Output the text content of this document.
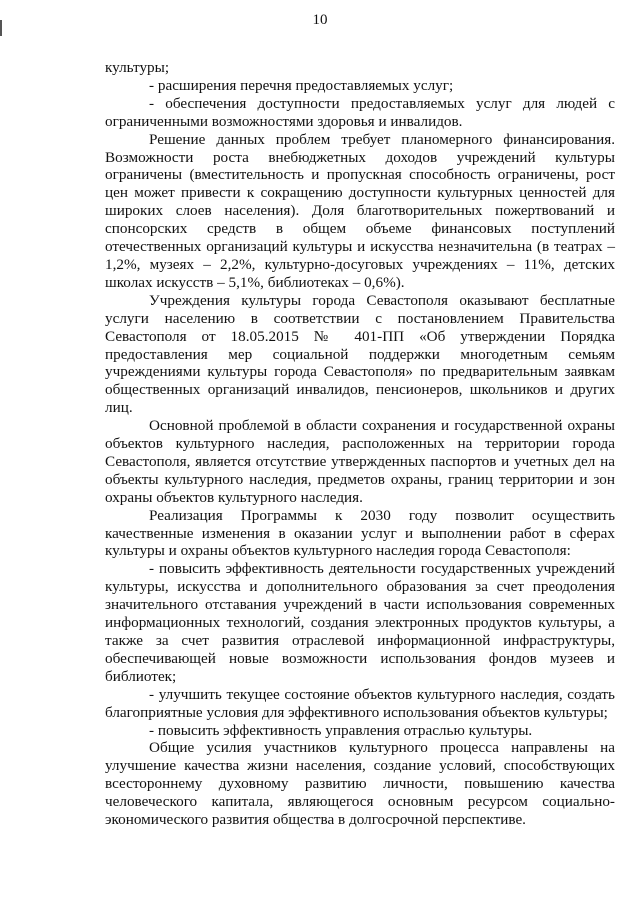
10

культуры;

- расширения перечня предоставляемых услуг;

- обеспечения доступности предоставляемых услуг для людей с ограниченными возможностями здоровья и инвалидов.

Решение данных проблем требует планомерного финансирования. Возможности роста внебюджетных доходов учреждений культуры ограничены (вместительность и пропускная способность ограничены, рост цен может привести к сокращению доступности культурных ценностей для широких слоев населения). Доля благотворительных пожертвований и спонсорских средств в общем объеме финансовых поступлений отечественных организаций культуры и искусства незначительна (в театрах – 1,2%, музеях – 2,2%, культурно-досуговых учреждениях – 11%, детских школах искусств – 5,1%, библиотеках – 0,6%).

Учреждения культуры города Севастополя оказывают бесплатные услуги населению в соответствии с постановлением Правительства Севастополя от 18.05.2015 № 401-ПП «Об утверждении Порядка предоставления мер социальной поддержки многодетным семьям учреждениями культуры города Севастополя» по предварительным заявкам общественных организаций инвалидов, пенсионеров, школьников и других лиц.

Основной проблемой в области сохранения и государственной охраны объектов культурного наследия, расположенных на территории города Севастополя, является отсутствие утвержденных паспортов и учетных дел на объекты культурного наследия, предметов охраны, границ территории и зон охраны объектов культурного наследия.

Реализация Программы к 2030 году позволит осуществить качественные изменения в оказании услуг и выполнении работ в сферах культуры и охраны объектов культурного наследия города Севастополя:

- повысить эффективность деятельности государственных учреждений культуры, искусства и дополнительного образования за счет преодоления значительного отставания учреждений в части использования современных информационных технологий, создания электронных продуктов культуры, а также за счет развития отраслевой информационной инфраструктуры, обеспечивающей новые возможности использования фондов музеев и библиотек;

- улучшить текущее состояние объектов культурного наследия, создать благоприятные условия для эффективного использования объектов культуры;

- повысить эффективность управления отраслью культуры.

Общие усилия участников культурного процесса направлены на улучшение качества жизни населения, создание условий, способствующих всестороннему духовному развитию личности, повышению качества человеческого капитала, являющегося основным ресурсом социально-экономического развития общества в долгосрочной перспективе.
